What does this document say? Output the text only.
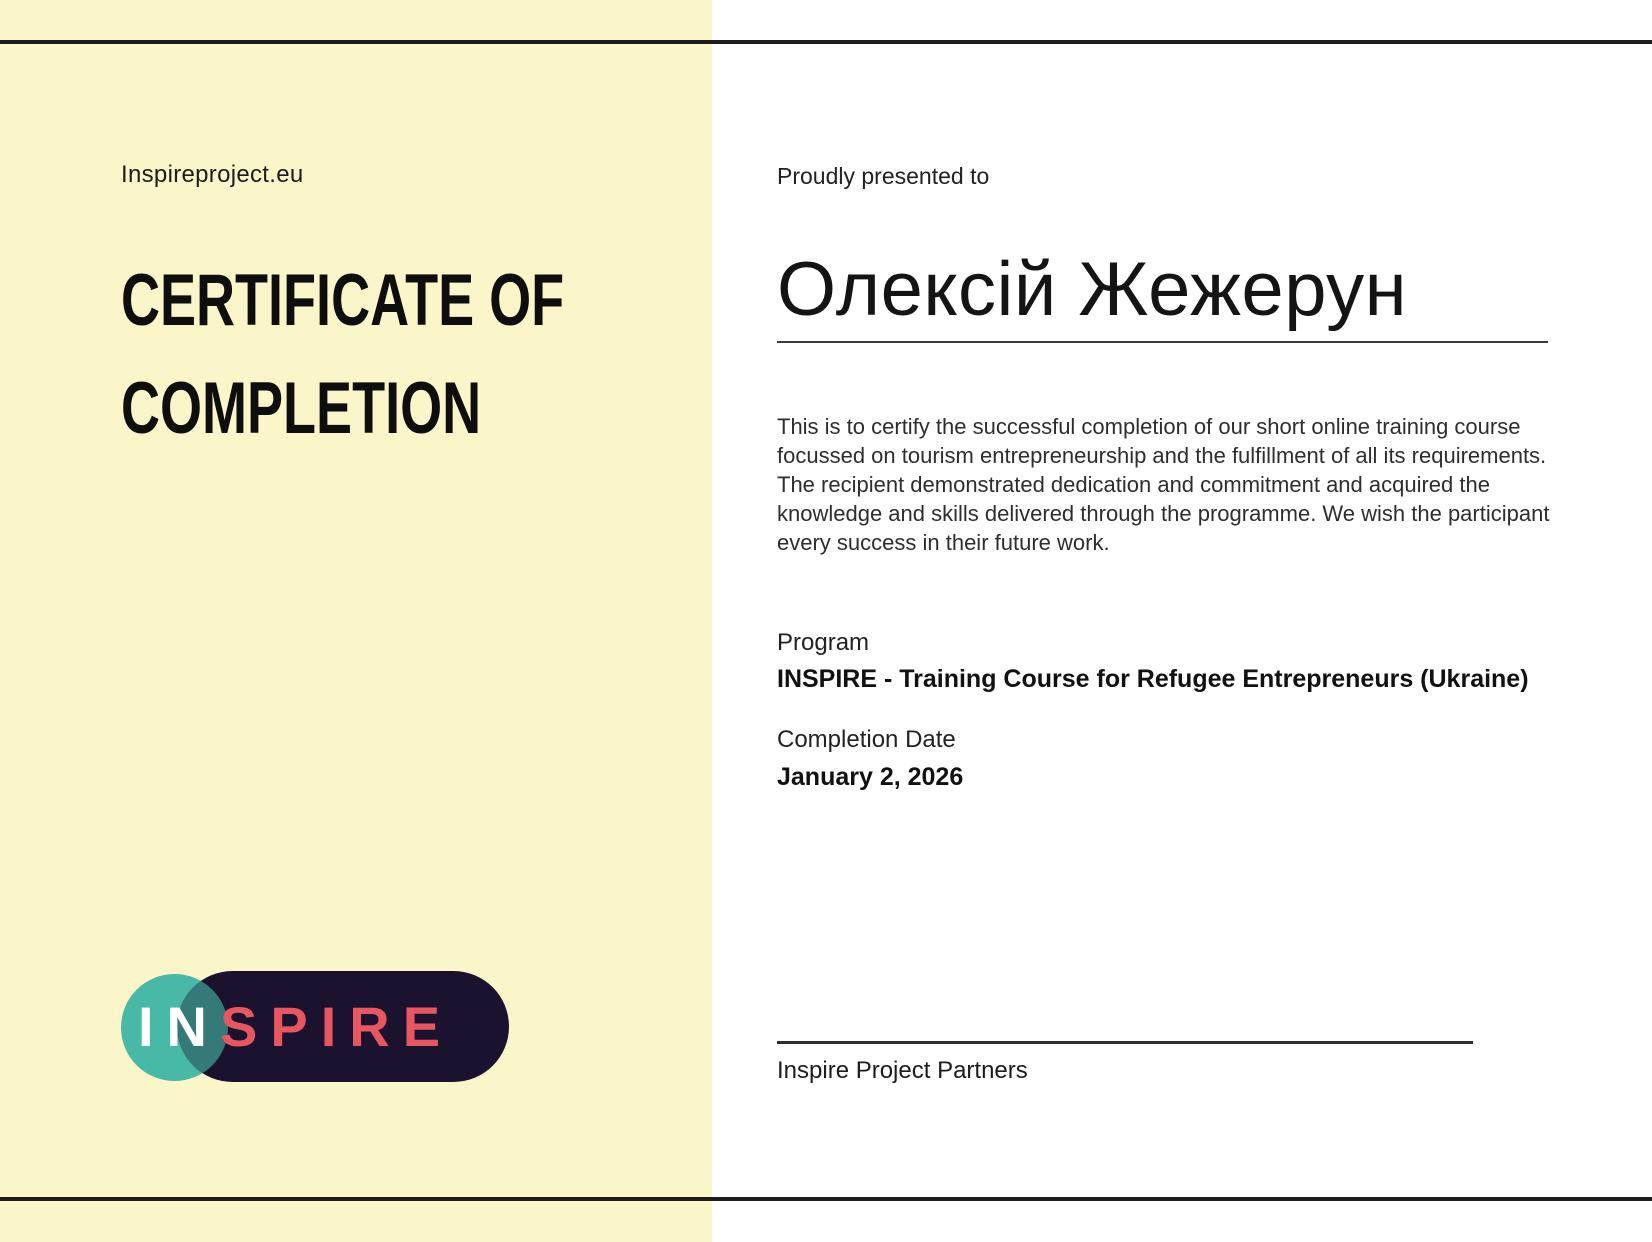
Inspireproject.eu
CERTIFICATE OF
COMPLETION
IN SPIRE
Proudly presented to
Олексій Жежерун
This is to certify the successful completion of our short online training course
focussed on tourism entrepreneurship and the fulfillment of all its requirements.
The recipient demonstrated dedication and commitment and acquired the
knowledge and skills delivered through the programme. We wish the participant
every success in their future work.
Program
INSPIRE - Training Course for Refugee Entrepreneurs (Ukraine)
Completion Date
January 2, 2026
Inspire Project Partners
